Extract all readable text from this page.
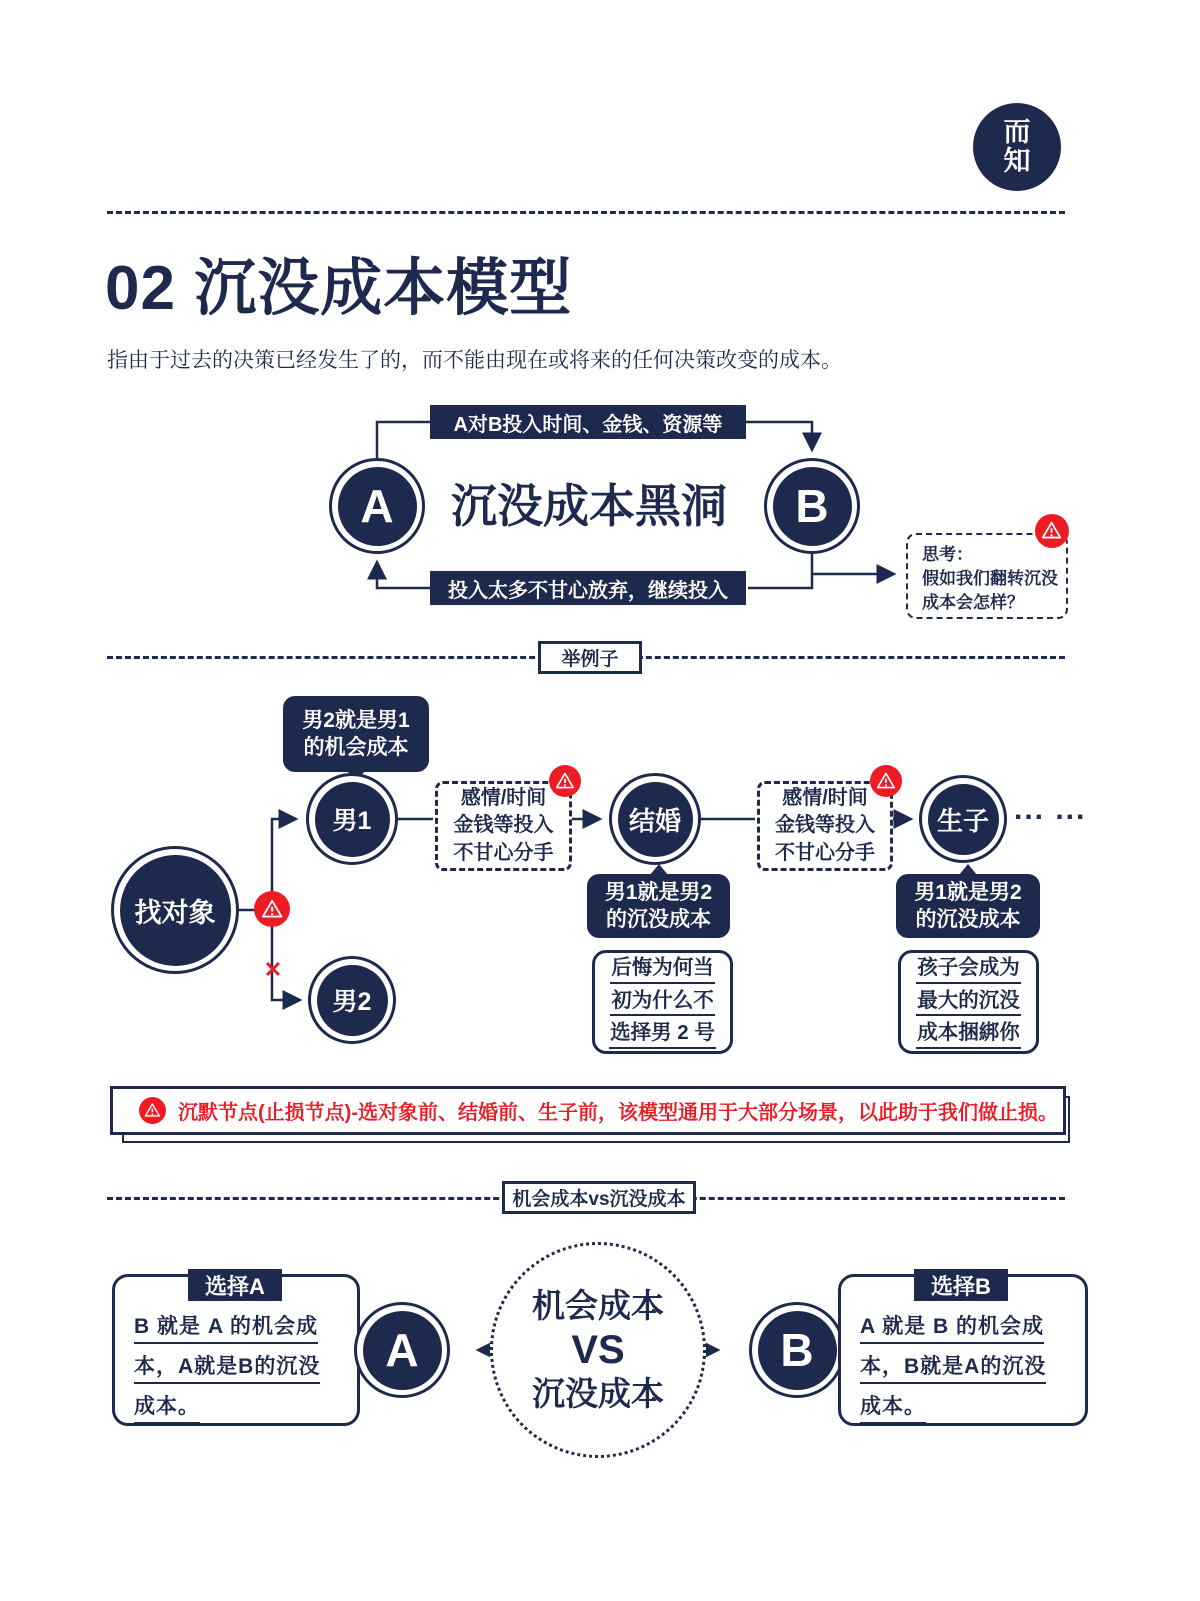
而
知
02 沉没成本模型
指由于过去的决策已经发生了的，而不能由现在或将来的任何决策改变的成本。
A对B投入时间、金钱、资源等
投入太多不甘心放弃，继续投入
A	沉没成本黑洞	B
思考：
假如我们翻转沉没
成本会怎样？
举例子
男2就是男1
的机会成本
找对象
✕
男1
男2
感情/时间
金钱等投入
不甘心分手
结婚
感情/时间
金钱等投入
不甘心分手
生子 ... ...
男1就是男2
的沉没成本
男1就是男2
的沉没成本
后悔为何当
初为什么不
选择男 2 号
孩子会成为
最大的沉没
成本捆綁你
沉默节点(止损节点)-选对象前、结婚前、生子前，该模型通用于大部分场景，以此助于我们做止损。
机会成本vs沉没成本
选择A
B 就是 A 的机会成
本，A就是B的沉没
成本。
A
机会成本
VS
沉没成本
B
选择B
A 就是 B 的机会成
本，B就是A的沉没
成本。
